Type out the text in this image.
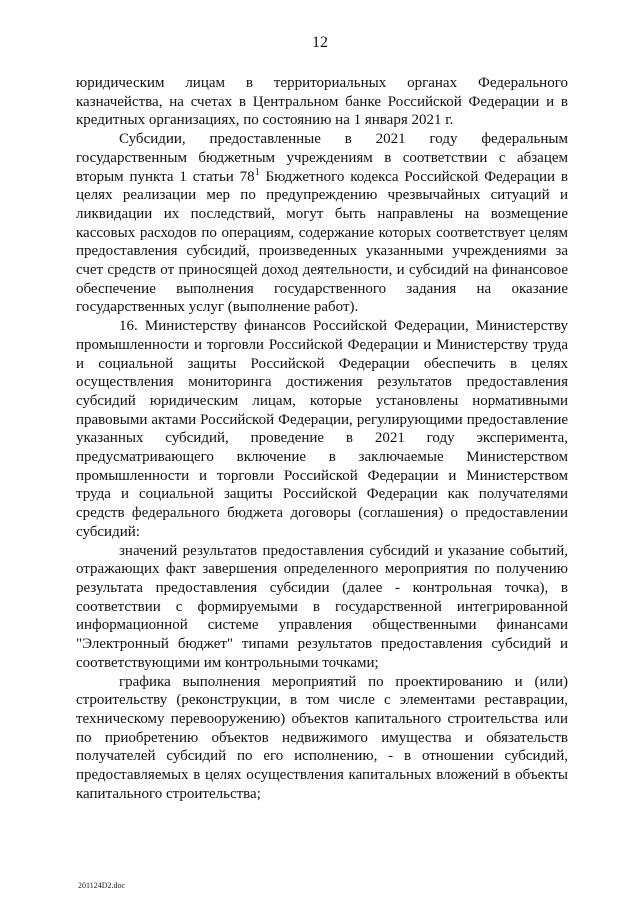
12

юридическим лицам в территориальных органах Федерального казначейства, на счетах в Центральном банке Российской Федерации и в кредитных организациях, по состоянию на 1 января 2021 г.

Субсидии, предоставленные в 2021 году федеральным государственным бюджетным учреждениям в соответствии с абзацем вторым пункта 1 статьи $78^1$ Бюджетного кодекса Российской Федерации в целях реализации мер по предупреждению чрезвычайных ситуаций и ликвидации их последствий, могут быть направлены на возмещение кассовых расходов по операциям, содержание которых соответствует целям предоставления субсидий, произведенных указанными учреждениями за счет средств от приносящей доход деятельности, и субсидий на финансовое обеспечение выполнения государственного задания на оказание государственных услуг (выполнение работ).

16. Министерству финансов Российской Федерации, Министерству промышленности и торговли Российской Федерации и Министерству труда и социальной защиты Российской Федерации обеспечить в целях осуществления мониторинга достижения результатов предоставления субсидий юридическим лицам, которые установлены нормативными правовыми актами Российской Федерации, регулирующими предоставление указанных субсидий, проведение в 2021 году эксперимента, предусматривающего включение в заключаемые Министерством промышленности и торговли Российской Федерации и Министерством труда и социальной защиты Российской Федерации как получателями средств федерального бюджета договоры (соглашения) о предоставлении субсидий:

значений результатов предоставления субсидий и указание событий, отражающих факт завершения определенного мероприятия по получению результата предоставления субсидии (далее - контрольная точка), в соответствии с формируемыми в государственной интегрированной информационной системе управления общественными финансами "Электронный бюджет" типами результатов предоставления субсидий и соответствующими им контрольными точками;

графика выполнения мероприятий по проектированию и (или) строительству (реконструкции, в том числе с элементами реставрации, техническому перевооружению) объектов капитального строительства или по приобретению объектов недвижимого имущества и обязательств получателей субсидий по его исполнению, - в отношении субсидий, предоставляемых в целях осуществления капитальных вложений в объекты капитального строительства;

201124D2.doc
